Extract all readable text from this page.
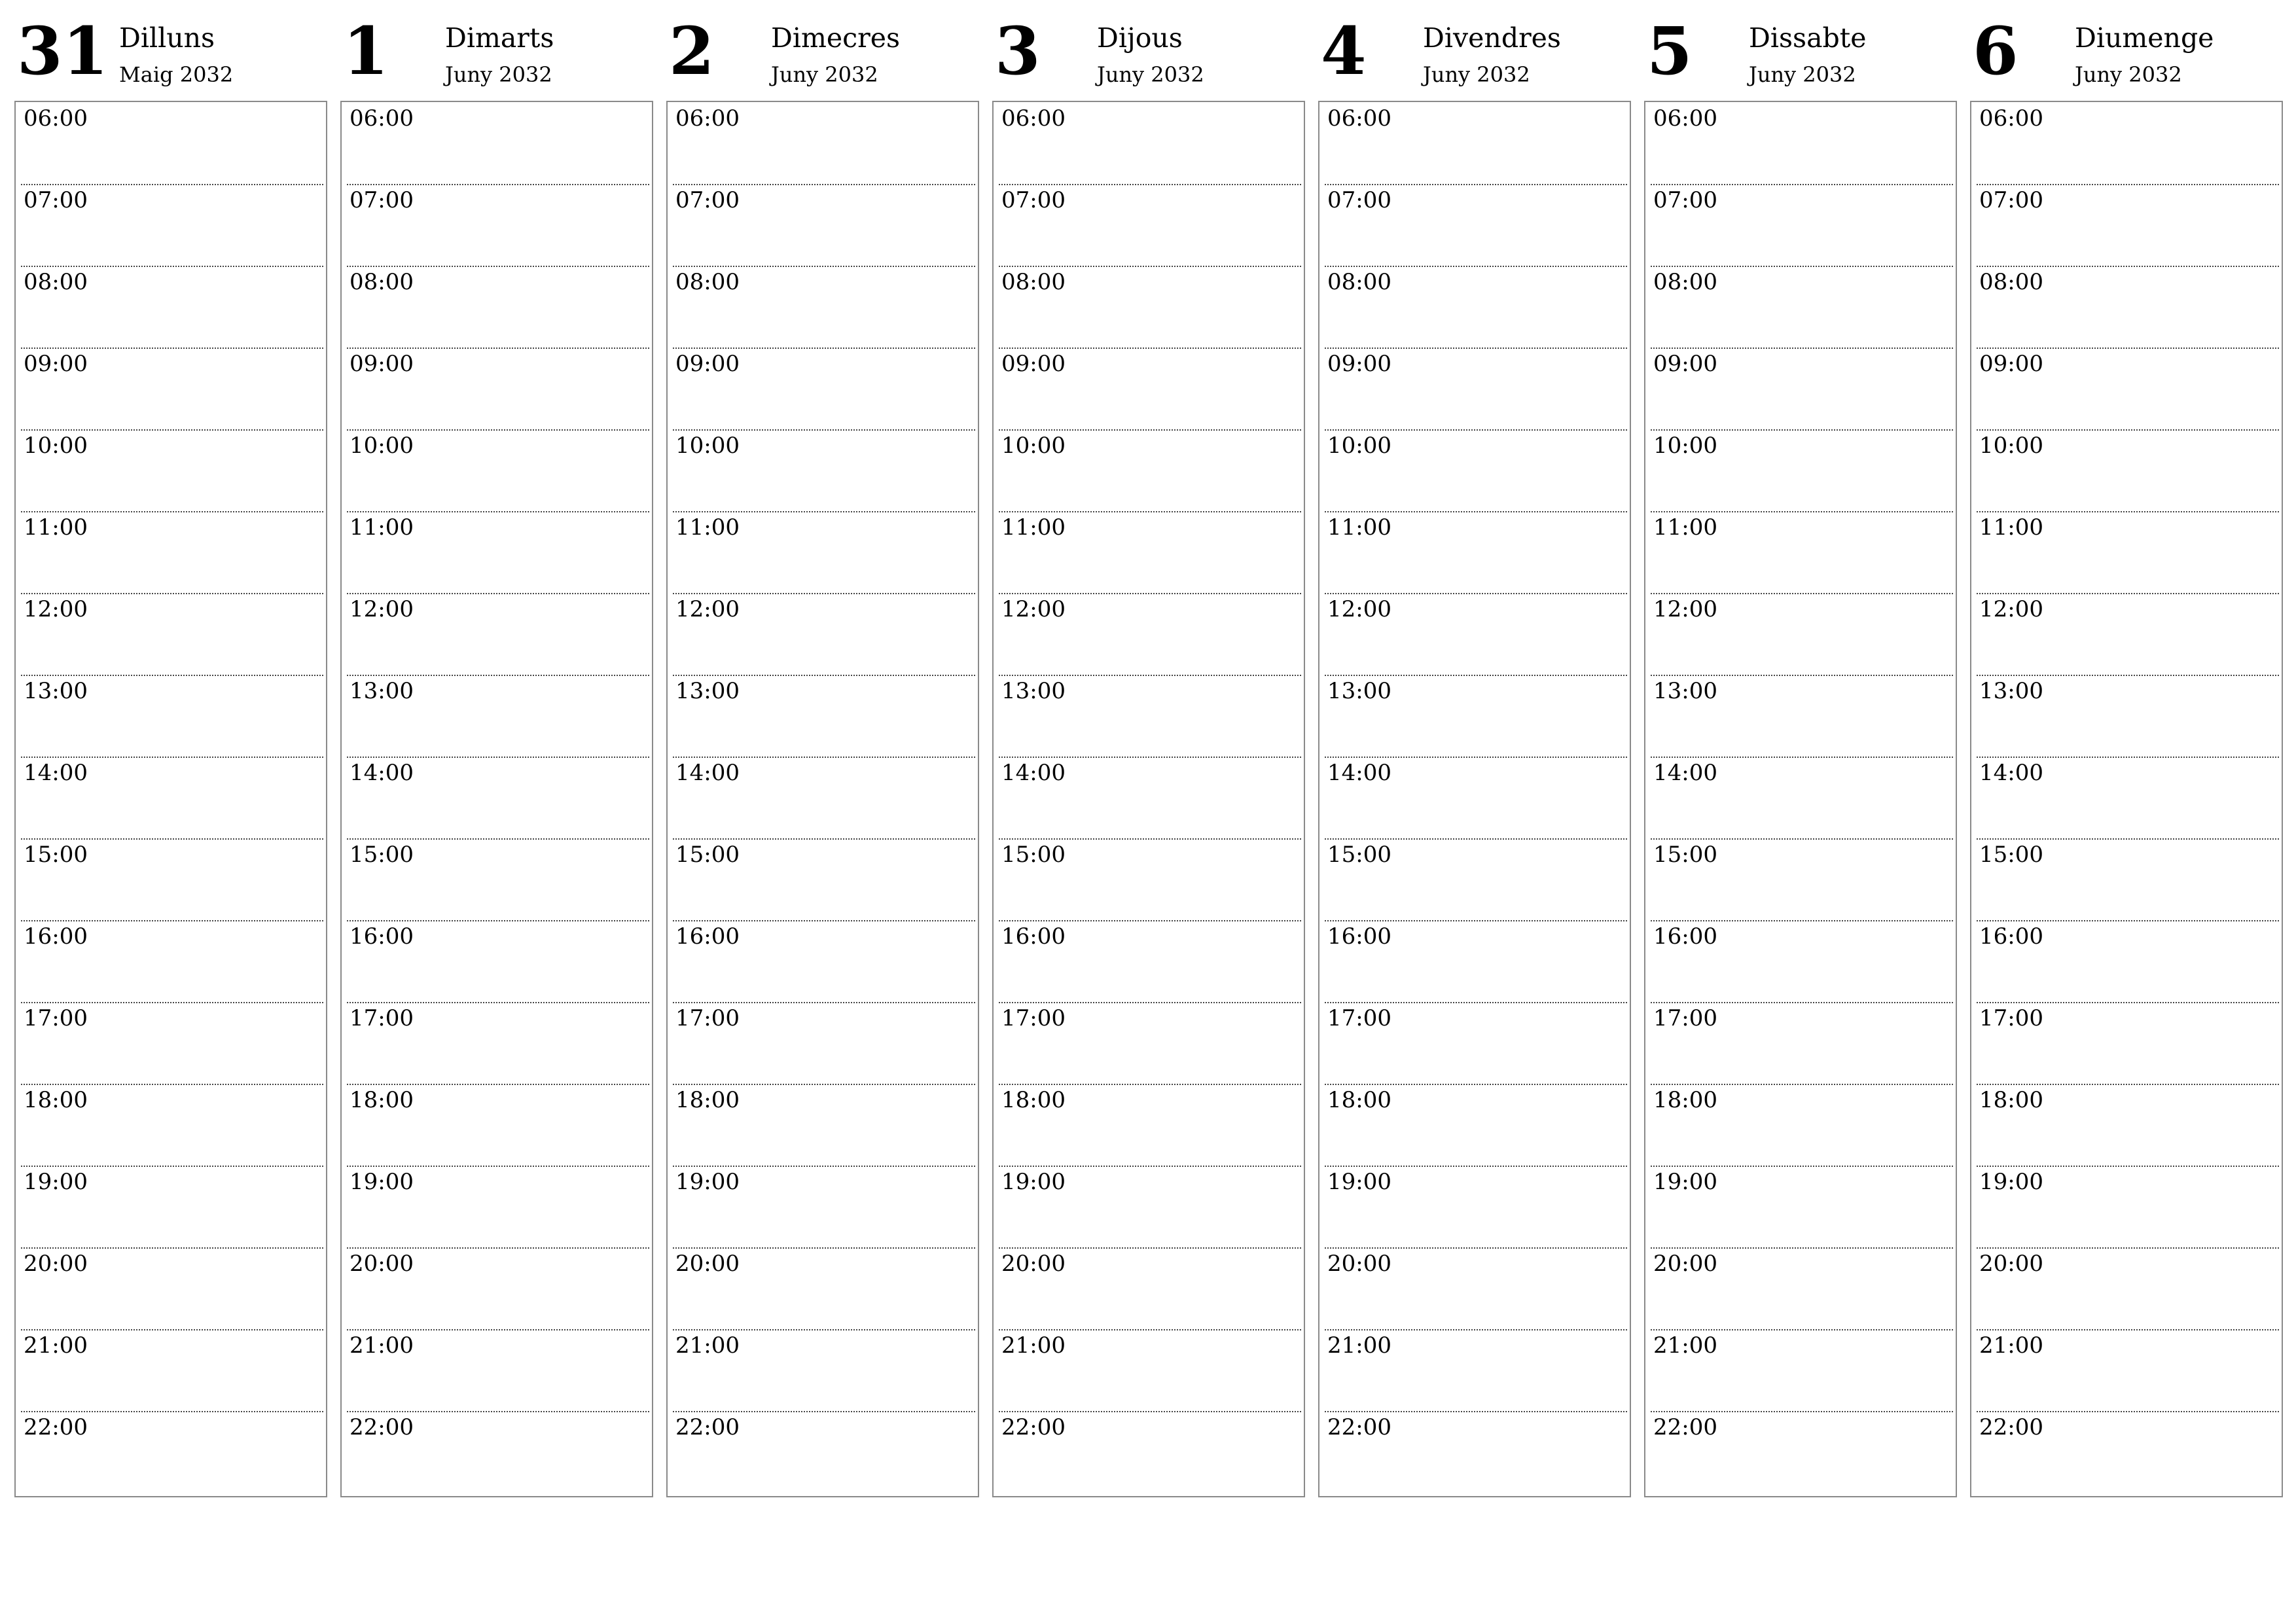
31 Dilluns
Maig 2032
06:00
07:00
08:00
09:00
10:00
11:00
12:00
13:00
14:00
15:00
16:00
17:00
18:00
19:00
20:00
21:00
22:00
1 Dimarts
Juny 2032
06:00
07:00
08:00
09:00
10:00
11:00
12:00
13:00
14:00
15:00
16:00
17:00
18:00
19:00
20:00
21:00
22:00
2 Dimecres
Juny 2032
06:00
07:00
08:00
09:00
10:00
11:00
12:00
13:00
14:00
15:00
16:00
17:00
18:00
19:00
20:00
21:00
22:00
3 Dijous
Juny 2032
06:00
07:00
08:00
09:00
10:00
11:00
12:00
13:00
14:00
15:00
16:00
17:00
18:00
19:00
20:00
21:00
22:00
4 Divendres
Juny 2032
06:00
07:00
08:00
09:00
10:00
11:00
12:00
13:00
14:00
15:00
16:00
17:00
18:00
19:00
20:00
21:00
22:00
5 Dissabte
Juny 2032
06:00
07:00
08:00
09:00
10:00
11:00
12:00
13:00
14:00
15:00
16:00
17:00
18:00
19:00
20:00
21:00
22:00
6 Diumenge
Juny 2032
06:00
07:00
08:00
09:00
10:00
11:00
12:00
13:00
14:00
15:00
16:00
17:00
18:00
19:00
20:00
21:00
22:00
